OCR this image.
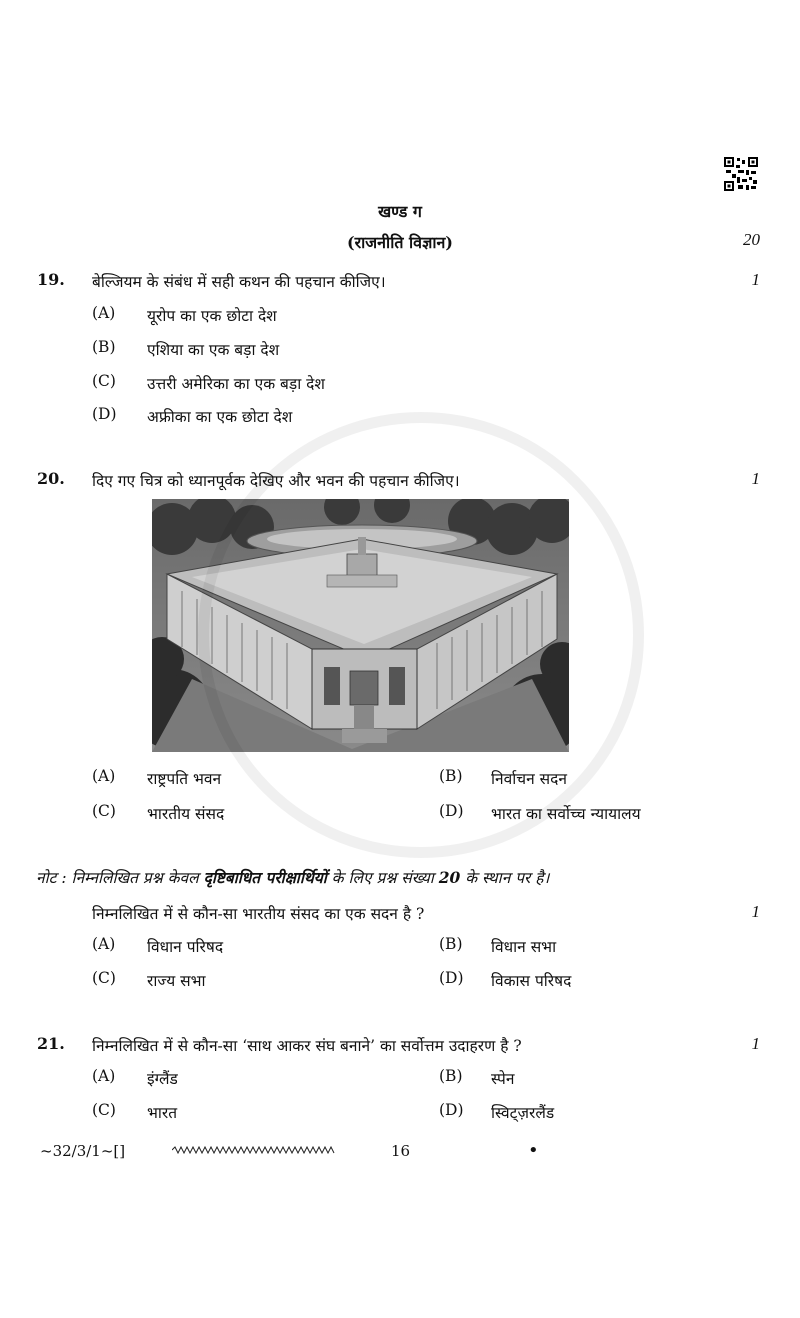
खण्ड ग
(राजनीति विज्ञान)	20
19. बेल्जियम के संबंध में सही कथन की पहचान कीजिए।	1
(A) यूरोप का एक छोटा देश
(B) एशिया का एक बड़ा देश
(C) उत्तरी अमेरिका का एक बड़ा देश
(D) अफ्रीका का एक छोटा देश
20. दिए गए चित्र को ध्यानपूर्वक देखिए और भवन की पहचान कीजिए।	1
(A) राष्ट्रपति भवन	(B) निर्वाचन सदन
(C) भारतीय संसद	(D) भारत का सर्वोच्च न्यायालय
नोट : निम्नलिखित प्रश्न केवल दृष्टिबाधित परीक्षार्थियों के लिए प्रश्न संख्या 20 के स्थान पर है।
निम्नलिखित में से कौन-सा भारतीय संसद का एक सदन है ?	1
(A) विधान परिषद	(B) विधान सभा
(C) राज्य सभा	(D) विकास परिषद
21. निम्नलिखित में से कौन-सा ‘साथ आकर संघ बनाने’ का सर्वोत्तम उदाहरण है ?	1
(A) इंग्लैंड	(B) स्पेन
(C) भारत	(D) स्विट्ज़रलैंड
~32/3/1~[]	16	•
